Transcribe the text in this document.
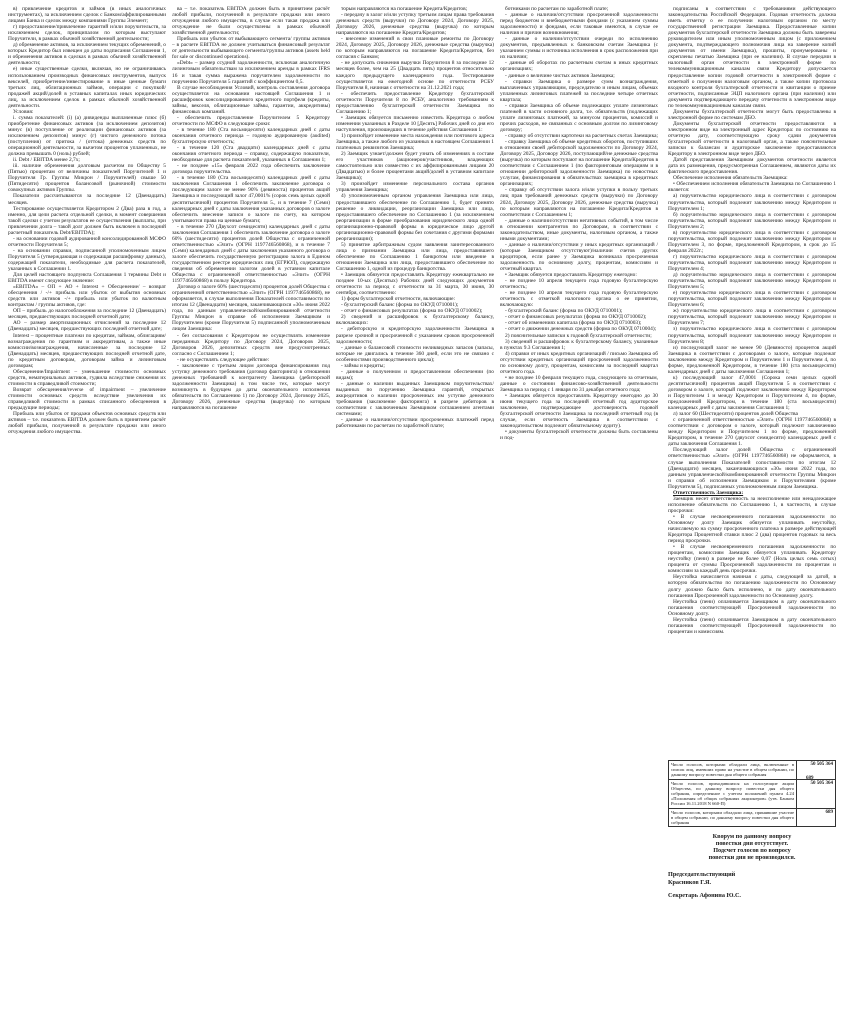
в) привлечение кредитов и займов (в иных аналогичных инструментах), за исключением сделок с Банком/аффилированными лицами Банка и сделок между компаниями Группы Элемент;

г) предоставление/привлечение гарантий и/или поручительств, за исключением сделок, принципалом по которым выступают Поручители, в рамках обычной хозяйственной деятельности;

д) обременение активов, за исключением текущих обременений, о которых Кредитор был извещен до даты подписания Соглашения 1, и обременения активов в сделках в рамках обычной хозяйственной деятельности;

е) иные существенные сделки, включая, но не ограничиваясь использованием производных финансовых инструментов, выпуск векселей, приобретение/инвестирование в иные ценные бумаги третьих лиц, облигационных займов, операции с покупкой/продажей акций/долей в уставных капиталах иных юридических лиц, за исключением сделок в рамках обычной хозяйственной деятельности.

Условия:

i. сумма показателей: (i) (а) дивиденды выплаченные плюс (б) приобретение финансовых активов (за исключением депозитов) минус (в) поступление от реализации финансовых активов (за исключением депозитов) минус (г) чистого денежного потока (поступления) от притока / (оттока) денежных средств по операционной деятельности, за вычетом процентов уплаченных, не должна превышать 0 (ноль) рублей;

ii. Debt / EBITDA менее 2,7х;

iii. наличие обременения долговым расчетом по Обществу 5 (Пятью) процентам от величины показателей Поручителей 1 и Поручителя Гр. Группы Микрон / Поручителей) свыше 50 (Пятидесяти) процентов балансовой (рыночной) стоимости совокупных активов Группы.

Показатели рассчитываются за последние 12 (Двенадцать) месяцев.

Тестирование осуществляется Кредитором 2 (Два) раза в год, а именно, для цели расчета отдельной сделки, в момент совершения такой сделки с учетом результатов ее осуществления (выплаты, при привлечении долга – такой долг должен быть включен в последний расчетный показатель Debt/EBITDA);

- на основании годовой аудированной консолидированной МСФО отчетности Поручителя 5;

- на основании справки, подписанной уполномоченным лицом Поручителя 5 (утверждающая и содержащая расшифровку данных), содержащей показатели, необходимые для расчета показателей, указанных в Соглашении 1.

Для целей настоящего подпункта Соглашения 1 термины Debt и EBITDA имеют следующее значение:

«EBITDA» – ОП + АО + Interest + Обесценение/ – возврат обесценения / -/+ прибыль или убыток от выбытия основных средств или активов -/+ прибыль или убыток по валютным контрактам / группы активов, где:

ОП – прибыль до налогообложения за последние 12 (Двенадцать) месяцев, предшествующих последней отчетной дате;

АО – размер амортизационных отчислений за последние 12 (Двенадцать) месяцев, предшествующих последней отчетной дате;

Interest – процентные платежи по кредитам, займам, облигациям/вознаграждения по гарантиям и аккредитивам, а также иные комиссии/вознаграждения, начисленные за последние 12 (Двенадцать) месяцев, предшествующих последней отчетной дате, по кредитным договорам, договорам займа и лизинговым договорам;

Обесценение/Impairment – уменьшение стоимости основных средств, нематериальных активов, гудвила вследствие снижения их стоимости в справедливой стоимости;

Возврат обесценения/reverse of impairment – увеличение стоимости основных средств вследствие увеличения их справедливой стоимости в рамках списанного обесценения в предыдущие периоды;

Прибыль или убыток от продажи объектов основных средств или активов – т.е. показатель EBITDA должен быть в принятием расчёт любой прибыли, полученной в результате продажи или иного отчуждения любого имущества.

ва – т.е. показатель EBITDA должен быть в принятием расчёт любой прибыли, полученной в результате продажи или иного отчуждения любого имущества, в случае если такая продажа или отчуждение не были осуществлены в рамках обычной хозяйственной деятельности;

Прибыль или убыток от выбывающего сегмента/ группы активов – в расчете EBITDA не должен учитываться финансовый результат от деятельности выбывающего сегмента/группы активов (assets held for sale or discontinued operations).

«Debt» – размер ссудной задолженности, исключая аналогичную лизинговым обязательствам за исключением аренды в рамках IFRS 16 и такая сумма выражена поручителем задолженности по поручению Поручителя 5 гарантий с коэффициентом 0,5.

В случае несоблюдения Условий, контроль составления договора осуществляется на основании настоящей Соглашения 1 и расшифровок консолидированного кредитного портфеля (кредиты, займы, векселя, облигационные займы, гарантии, аккредитивы) финансовых компаний.

- обеспечить предоставление Поручителем 5 Кредитору отчетности по МСФО в следующие сроки:

- в течение 180 (Ста восьмидесяти) календарных дней с даты окончания отчетного периода – годовую аудированную (audited) бухгалтерскую отчетность;

- в течение 120 (Ста двадцати) календарных дней с даты окончания отчетного периода – справку, содержащую показатели, необходимые для расчета показателей, указанных в Соглашении 1;

- не позднее «15» февраля 2022 года обеспечить заключение договора поручительства.

- в течение 180 (Ста восьмидесяти) календарных дней с даты заключения Соглашения 1 обеспечить заключение договора о последующем залоге не менее 90% (девяноста) процентов акций Заемщика и последующий залог 47,0001% (сорок семь целых одной десятитысячной) процентов Поручителя 5., и в течение 7 (Семи) календарных дней с даты заключения указанных договоров о залоге обеспечить внесение записи о залоге по счету, на котором учитываются права на ценные бумаги;

- в течение 270 (Двухсот семидесяти) календарных дней с даты заключения Соглашения 1 обеспечить заключение договора о залоге 60% (шестидесяти) процентов долей Общества с ограниченной ответственностью «Элит» (ОГРН 1197746560868), и в течение 7 (Семи) календарных дней с даты заключения указанного договора о залоге обеспечить государственную регистрацию залога в Едином государственном реестре юридических лиц (ЕГРЮЛ), содержащую сведения об обременении залогом долей в уставном капитале Общества с ограниченной ответственностью «Элит» (ОГРН 1197746560868) в пользу Кредитора.

Договор о залоге 60% (шестидесяти) процентов долей Общества с ограниченной ответственностью «Элит» (ОГРН 1197746560868), не оформляется, в случае выполнения Показателей сопоставимости по итогам 12 (Двенадцати) месяцев, заканчивающихся «30» июня 2022 года, по данным управленческой/комбинированной отчетности Группы Микрон в справке об исполнении Заемщиком и Поручителем (кроме Поручителя 5) подписанной уполномоченным лицом Заемщика:

- без согласования с Кредитором не осуществлять изменение переданных Кредитору по Договору 2024, Договоров 2025, Договоров 2026, депозитных средств вне предусмотренных согласно с Соглашением 1;

- не осуществлять следующее действие:

- заключение с третьим лицом договора финансирования под уступку денежного требования (договор факторинга) в отношении денежных требований к контрагенту Заемщика (дебиторской задолженности Заемщика) в том числе тех, которые могут возникнуть в будущем до даты окончательного исполнения обязательств по Соглашению 1) по Договору 2024, Договору 2025, Договору 2026, денежные средства (выручка) по которым направляются на погашение

торым направляются на погашение Кредита/Кредитов;

- передачу в залог и/или уступку третьим лицам права требования денежных средств (выручки) по Договору 2024, Договору 2025, Договору 2026, денежные средства (выручка) по которым направляются на погашение Кредита/Кредитов;

- внесение изменений в свои плановые ремонты по Договору 2024, Договору 2025, Договору 2026, денежные средства (выручка) по которым направляются на погашение Кредита/Кредитов, без согласия с Банком;

- не допускать снижения выручки Поручителя 8 за последние 12 месяцев более, чем на 25 (Двадцать пять) процентов относительно каждого предыдущего календарного года. Тестирование осуществляется на ежегодной основе по отчетности РСБУ Поручителя 8, начиная с отчетности на 31.12.2021 года;

- обеспечить предоставление Кредитору бухгалтерской отчетности Поручителя 8 по РСБУ, аналогично требованиям к предоставлению бухгалтерской отчетности Заемщика по Соглашению 1;

• Заемщик обязуется письменно известить Кредитора о любом изменении указанных в Разделе 10 [Десять] Рабочих дней со дня его наступления, произошедших в течение действия Соглашения 1:

1) произойдет изменение места нахождения или почтового адреса Заемщика, а также любого из указанных в настоящем Соглашении 1 платежных реквизитов Заемщика;

2) Заемщик узнает/должен будет узнать об изменениях в составе его участников (акционеров/участников, владеющих самостоятельно или совместно с их аффилированными лицами 20 (Двадцатью) и более процентами акций/долей в уставном капитале Заемщика);

3) произойдет изменение персонального состава органов управления Заемщика;

4) уполномоченным органом управления Заемщика или лица, предоставившего обеспечение по Соглашению 1, будет принято решение о ликвидации, реорганизации Заемщика или лица, предоставившего обеспечение по Соглашению 1 (за исключением реорганизации в форме преобразования юридического лица одной организационно-правовой формы в юридическое лицо другой организационно-правовой формы без сочетания с другими формами реорганизации);

5) принятие арбитражным судом заявления заинтересованного лица о признании Заемщика или лица, предоставившего обеспечение по Соглашению 1 банкротом или введение в отношении Заемщика или лица, предоставившего обеспечение по Соглашению 1, одной из процедур банкротства.

• Заемщик обязуется предоставлять Кредитору ежеквартально не позднее 10-ых (Десятых) Рабочих дней следующих документов отчетности за период с отчетности за 31 марта, 30 июня, 30 сентября, соответственно:

1) форм бухгалтерской отчетности, включающие:

- бухгалтерский баланс (форма по ОКУД 0710001);

- отчет о финансовых результатах (форма по ОКУД 0710002);

2) сведений и расшифровок к бухгалтерскому балансу, включающих:

- дебиторскую и кредиторскую задолженности Заемщика в разрезе срочной и просроченной с указанием сроков просроченной задолженности;

- данные о балансовой стоимости неликвидных запасов (запасы, которые не двигались в течение 360 дней, если это не связано с особенностями производственного цикла);

- займы и кредиты;

- данные о полученном и предоставленном обеспечении (по видам);

- данные о наличии выданных Заемщиком поручительствах/выданных по поручению Заемщика гарантий, открытых аккредитивов о наличии просроченных им уступке денежного требования (заключение факторинга) в разрезе дебиторов в соответствии с заключенным Заемщиком соглашением агентами системами;

- данные о наличии/отсутствии просроченных платежей перед работниками по расчетам по заработной плате;

ботниками по расчетам по заработной плате;

- данные о наличии/отсутствии просроченной задолженности перед бюджетом и внебюджетными фондами (с указанием суммы задолженности) и фондами, если таковые имеются, в случае ее наличия и причин возникновения;

- данные о наличии/отсутствии очереди по исполнению документов, предъявленных к банковским счетам Заемщика (с указанием суммы и источника исполнения в срок расположения при их наличии;

- данные об оборотах по расчетным счетам в иных кредитных организациях;

- данные о величине чистых активов Заемщика;

- справки Заемщика о размере сумм вознаграждения, выплаченных управляющим, председателю и иным лицам, объемах уплаченных лизинговых платежей за последние четыре отчетных квартала;

- справки Заемщика об объеме подлежащих уплате лизинговых платежей в части основного долга, т.е. обязательств (подлежащих уплате лизинговых платежей, за минусом процентов, комиссий и прочих расходов, не связанных с основным долгом по лизинговому договору;

- справку об отсутствии картотеки на расчетных счетах Заемщика;

- справку Заемщика об объеме кредитных оборотов, поступивших в отношении своей дебиторской задолженности по Договору 2024, Договору 2025, Договору 2026, поступающий/не денежные средства (выручка) по которым поступают на погашение Кредита/Кредитов в соответствии с Соглашением 1 (по факторинговым операциям и в отношении дебиторской задолженности Заемщика) по новостных услугам, финансирования в обязательствах заемщика в кредитных организациях;

- справку об отсутствии залога и/или уступки в пользу третьих лиц прав требований денежных средств (выручки) по Договору 2024, Договору 2025, Договору 2026, денежные средства (выручка) по которым направляются на погашение Кредита/Кредитов в соответствии с Соглашением 1;

- данные о наличии/отсутствии негативных событий, в том числе в отношении контрагентов по Договорам, в соответствии с законодательством, иные документы, налоговым органом, а также иными документами;

- данные о наличии/отсутствии у иных кредитных организаций / (которые Заемщиком отсутствуют)/наличии счетов других кредиторов, если ранее у Заемщика возникала просроченная задолженность по основному долгу, процентам, комиссиям и отчетный квартал.

• Заемщик обязуется предоставлять Кредитору ежегодно:

- не позднее 10 апреля текущего года годовую бухгалтерскую отчетность;

- не позднее 10 апреля текущего года годовую бухгалтерскую отчетность с отметкой налогового органа о ее принятии, включающую:

- бухгалтерский баланс (форма по ОКУД 0710001);

- отчет о финансовых результатах (форма по ОКУД 0710002);

- отчет об изменениях капитала (форма по ОКУД 0710003);

- отчет о движении денежных средств (форма по ОКУД 0710004);

2) пояснительные записки к годовой бухгалтерской отчетности;

3) сведений и расшифровок к бухгалтерскому балансу, указанные в пунктах 9.3 Соглашения 1;

4) справки от иных кредитных организаций / письмо Заемщика об отсутствии кредитных организаций просроченной задолженности по основному долгу, процентам, комиссиям за последний квартал отчетного года.

• не позднее 10 февраля текущего года, следующего за отчетным, данные о состоянии финансово-хозяйственной деятельности Заемщика за период с 1 января по 31 декабря отчетного года;

• Заемщик обязуется предоставлять Кредитору ежегодно до 30 июня текущего года за последний отчетный год аудиторское заключение, подтверждающее достоверность годовой бухгалтерской отчетности Заемщика за последний отчетный год (в случае, если отчетность Заемщика в соответствии с законодательством подлежит обязательному аудиту).

• документы бухгалтерской отчетности должны быть составлены и под-

подписаны в соответствии с требованиями действующего законодательства Российской Федерации. Годовая отчетность должна иметь отметку о ее получении налоговым органом по месту государственной регистрации Заемщика. Предоставленные копии документов бухгалтерской отчетности Заемщика должны быть заверены руководителем или иным уполномоченным лицом (с приложением документа, подтверждающего полномочия лица на заверение копий документов от имени Заемщика), прошиты, пронумерованы и скреплены печатью Заемщика (при ее наличии). В случае передачи в налоговый орган отчетности в электронной форме по телекоммуникационным каналам связи Кредитору допускается предоставление копии годовой отчетности в электронной форме с отметкой о получении налоговым органом, а также копии протокола входного контроля бухгалтерской отчетности и квитанции о приеме отчетности, подписанные ЭЦП налогового органа (при наличии) или документа подтверждающего передачу отчетности в электронном виде по телекоммуникационным каналам связи.

Документы бухгалтерской отчетности могут быть предоставлены в электронной форме по системам ДБО.

Документы бухгалтерской отчетности предоставляются в электронном виде на электронный адрес Кредитора: по состоянию на отчетную дату, соответствующую сроку сдачи документов бухгалтерской отчетности в налоговый орган, а также пояснительные записки к балансам и аудиторское заключение предоставляются Кредитору в электронном виде через ДБО.

Датой представления Заемщиком документов отчетности является дата их размещения, предусмотренная Соглашением, являются даты их фактического предоставления.

Обеспечение исполнения обязательств Заемщика:

• Обеспечением исполнения обязательств Заемщика по Соглашению 1 является:

а) поручительство юридического лица в соответствии с договором поручительства, который подлежит заключению между Кредитором и Поручителем 1;

б) поручительство юридического лица в соответствии с договором поручительства, который подлежит заключению между Кредитором и Поручителем 2;

в) поручительство юридического лица в соответствии с договором поручительства, который подлежит заключению между Кредитором и Поручителем 3, по форме, предложенной Кредитором, в срок до 15 февраля 2022г.;

г) поручительство юридического лица в соответствии с договором поручительства, который подлежит заключению между Кредитором и Поручителем 4;

д) поручительство юридического лица в соответствии с договором поручительства, который подлежит заключению между Кредитором и Поручителем 5;

е) поручительство юридического лица в соответствии с договором поручительства, который подлежит заключению между Кредитором и Поручителем 6;

ж) поручительство юридического лица в соответствии с договором поручительства, который подлежит заключению между Кредитором и Поручителем 7;

з) поручительство юридического лица в соответствии с договором поручительства, который подлежит заключению между Кредитором и Поручителем 8;

и) последующий залог не менее 90 (Девяносто) процентов акций Заемщика в соответствии с договорами о залоге, которые подлежат заключению между Кредитором и Поручителем 1 и Поручителем 4, по форме, предложенной Кредитором, в течение 180 (ста восьмидесяти) календарных дней с даты заключения Соглашения 1;

к) последующий залог 47,0001 (Сорока семи целых одной десятитысячной) процентов акций Поручителя 5 в соответствии с договором о залоге, который подлежит заключению между Кредитором и Поручителем 1 и между Кредитором и Поручителем 4, по форме, предложенной Кредитором, в течение 180 (ста восьмидесяти) календарных дней с даты заключения Соглашения 1;

л) залог 60 (Шестидесяти) процентов долей Общества

с ограниченной ответственностью «Элит» (ОГРН 1197746560868) в соответствии с договором о залоге, который подлежит заключению между Кредитором и Поручителем 1 по форме, предложенной Кредитором, в течение 270 (двухсот семидесяти) календарных дней с даты заключения Соглашения 1.

Последующий залог долей Общества с ограниченной ответственностью «Элит» (ОГРН 1197746560868) не оформляется, в случае выполнения Показателей сопоставимости по итогам 12 (Двенадцати) месяцев, заканчивающихся «30» июня 2022 года, по данным управленческой/комбинированной отчетности Группы Микрон и справки об исполнении Заемщиком и Поручителями (кроме Поручителя 5), подписанных уполномоченным лицом Заемщика.

Ответственность Заемщика:

Заемщик несет ответственность за неисполнение или ненадлежащее исполнение обязательств по Соглашению 1, в частности, в случае просрочки:

• В случае несвоевременного погашения задолженности по Основному долгу Заемщик обязуется уплачивать неустойку, начисляемую на сумму просроченного платежа в размере действующей Кредитора Процентной ставки плюс 2 (два) процентов годовых за весь период просрочки.

• В случае несвоевременного погашения задолженности по процентам, комиссиям Заемщик обязуется уплачивать Кредитору неустойку (пени) в размере не более 0,07 (Ноль целых семь сотых) процента от суммы Просроченной задолженности по процентам и комиссиям за каждый день просрочки.

Неустойка начисляется начиная с даты, следующей за датой, в которую обязательство по погашению задолженности по Основному долгу должно было быть исполнено, и по дату окончательного погашения Просроченной задолженности по Основному долгу.

Неустойка (пени) оплачивается Заемщиком в дату окончательного погашения соответствующей Просроченной задолженности по Основному долгу.

Неустойка (пени) оплачивается Заемщиком в дату окончательного погашения соответствующей Просроченной задолженности по процентам и комиссиям.

Число голосов, которыми обладали лица, включенные в список лиц, имевших право на участие в общем собрании, по данному вопросу повестки дня общего собрания	50 505 364
Число голосов, приходившихся на голосующие акции Общества, по данному вопросу повестки дня общего собрания, определенное с учетом положений пункта 4.24 «Положения об общих собраниях акционеров» (утв. Банком России 16.11.2018 N 660-П)	50 505 364
Число голосов, которыми обладали лица, принявшие участие в общем собрании, по данному вопросу повестки дня общего собрания	689
Кворум по данному вопросу
повестки дня отсутствует.
Подсчет голосов по вопросу
повестки дня не производился.
Председательствующий
Красников Г.Я.
Секретарь Афонина Ю.С.
689
